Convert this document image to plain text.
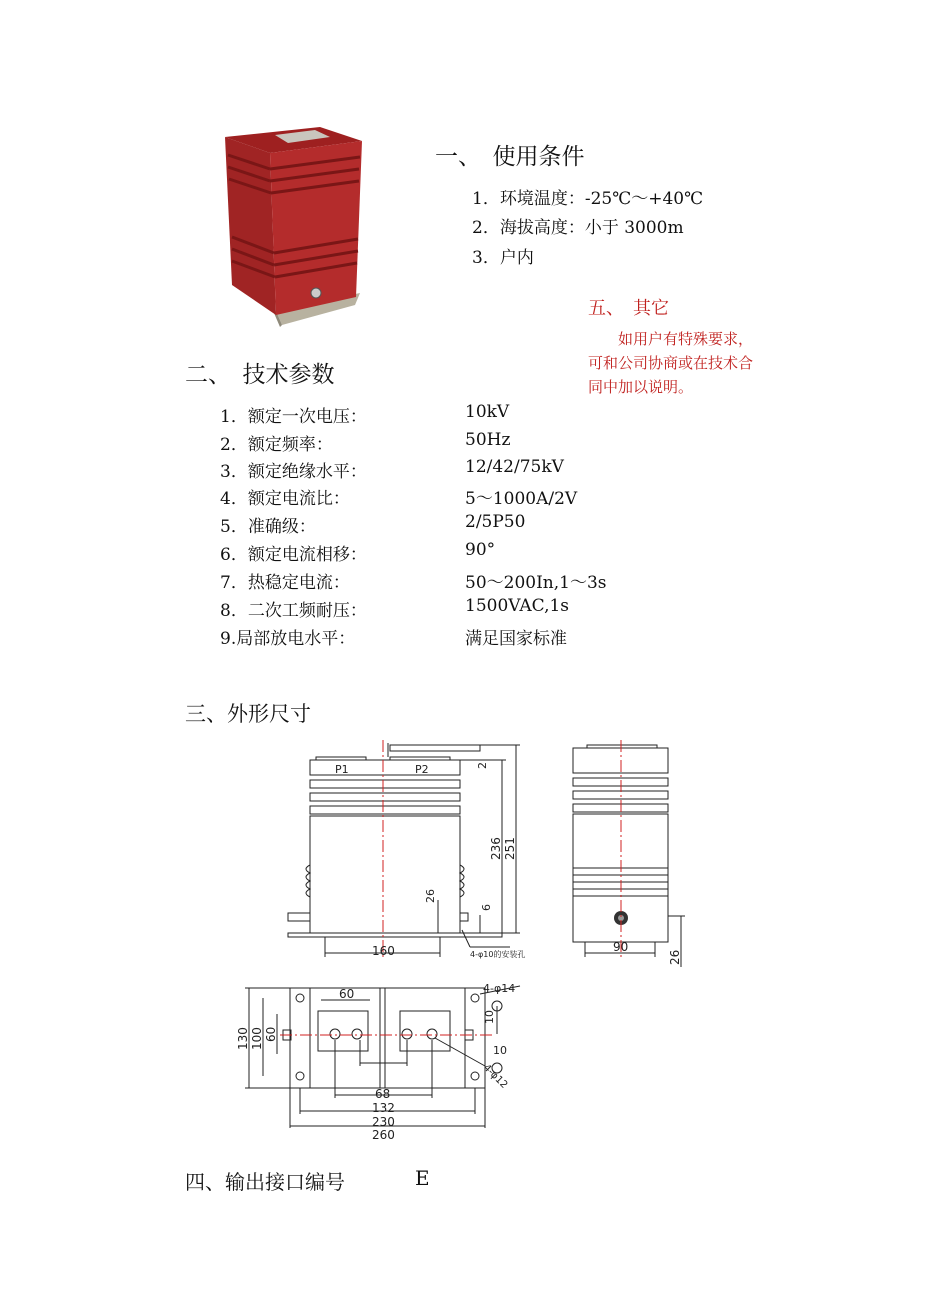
一、　使用条件
1．环境温度：-25℃～+40℃
2．海拔高度：小于 3000m
3．户内
五、　其它
　　如用户有特殊要求，
可和公司协商或在技术合
同中加以说明。
二、　技术参数
1．额定一次电压：	10kV
2．额定频率：	50Hz
3．额定绝缘水平：	12/42/75kV
4．额定电流比：	5～1000A/2V
5．准确级：	2/5P50
6．额定电流相移：	90°
7．热稳定电流：	50～200In,1～3s
8．二次工频耐压：	1500VAC,1s
9.局部放电水平：	满足国家标准
三、外形尺寸
P1	P2	2
236 251
26
6
160	4-φ10的安装孔
90
26
60
130 100 60
4-φ14
10
10
4-φ12
68
132
230
260
四、输出接口编号	E
